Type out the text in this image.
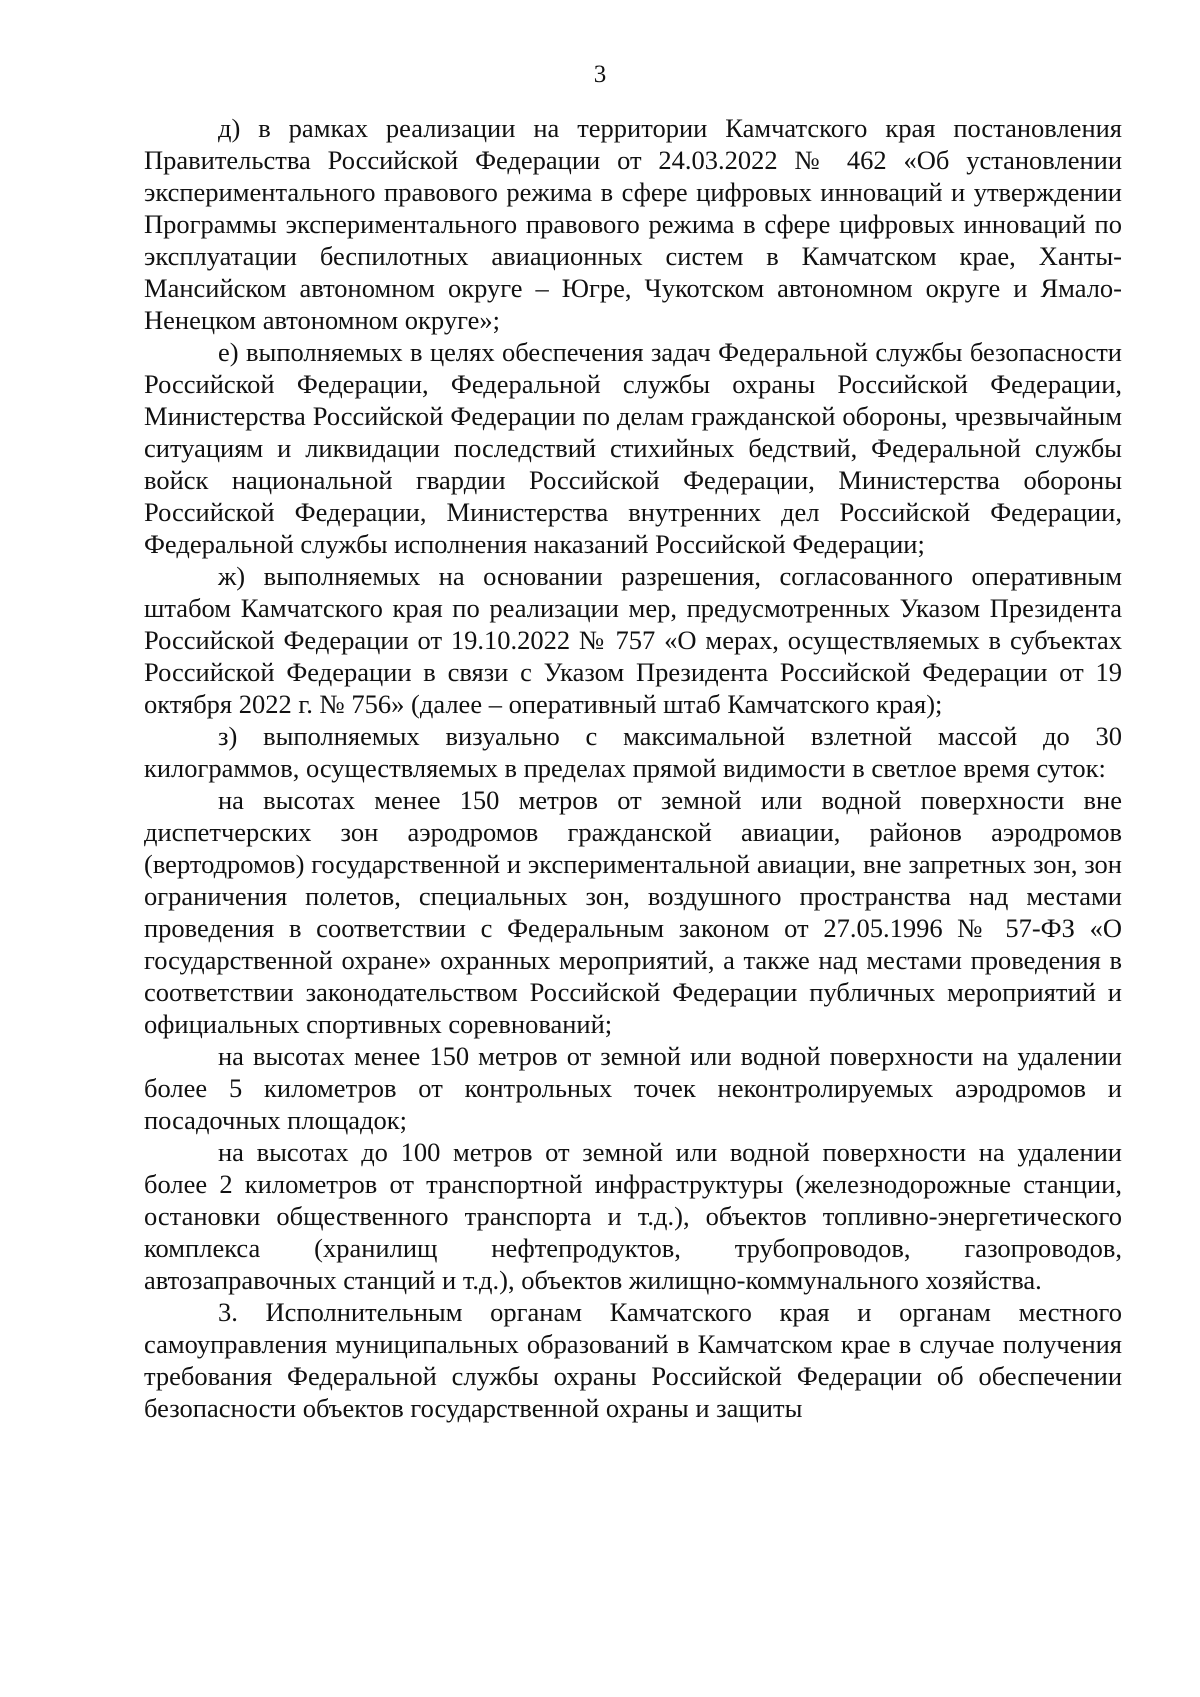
3

д) в рамках реализации на территории Камчатского края постановления Правительства Российской Федерации от 24.03.2022 № 462 «Об установлении экспериментального правового режима в сфере цифровых инноваций и утверждении Программы экспериментального правового режима в сфере цифровых инноваций по эксплуатации беспилотных авиационных систем в Камчатском крае, Ханты-Мансийском автономном округе – Югре, Чукотском автономном округе и Ямало-Ненецком автономном округе»;

е) выполняемых в целях обеспечения задач Федеральной службы безопасности Российской Федерации, Федеральной службы охраны Российской Федерации, Министерства Российской Федерации по делам гражданской обороны, чрезвычайным ситуациям и ликвидации последствий стихийных бедствий, Федеральной службы войск национальной гвардии Российской Федерации, Министерства обороны Российской Федерации, Министерства внутренних дел Российской Федерации, Федеральной службы исполнения наказаний Российской Федерации;

ж) выполняемых на основании разрешения, согласованного оперативным штабом Камчатского края по реализации мер, предусмотренных Указом Президента Российской Федерации от 19.10.2022 № 757 «О мерах, осуществляемых в субъектах Российской Федерации в связи с Указом Президента Российской Федерации от 19 октября 2022 г. № 756» (далее – оперативный штаб Камчатского края);

з) выполняемых визуально с максимальной взлетной массой до 30 килограммов, осуществляемых в пределах прямой видимости в светлое время суток:

на высотах менее 150 метров от земной или водной поверхности вне диспетчерских зон аэродромов гражданской авиации, районов аэродромов (вертодромов) государственной и экспериментальной авиации, вне запретных зон, зон ограничения полетов, специальных зон, воздушного пространства над местами проведения в соответствии с Федеральным законом от 27.05.1996 № 57-ФЗ «О государственной охране» охранных мероприятий, а также над местами проведения в соответствии законодательством Российской Федерации публичных мероприятий и официальных спортивных соревнований;

на высотах менее 150 метров от земной или водной поверхности на удалении более 5 километров от контрольных точек неконтролируемых аэродромов и посадочных площадок;

на высотах до 100 метров от земной или водной поверхности на удалении более 2 километров от транспортной инфраструктуры (железнодорожные станции, остановки общественного транспорта и т.д.), объектов топливно-энергетического комплекса (хранилищ нефтепродуктов, трубопроводов, газопроводов, автозаправочных станций и т.д.), объектов жилищно-коммунального хозяйства.

3. Исполнительным органам Камчатского края и органам местного самоуправления муниципальных образований в Камчатском крае в случае получения требования Федеральной службы охраны Российской Федерации об обеспечении безопасности объектов государственной охраны и защиты
